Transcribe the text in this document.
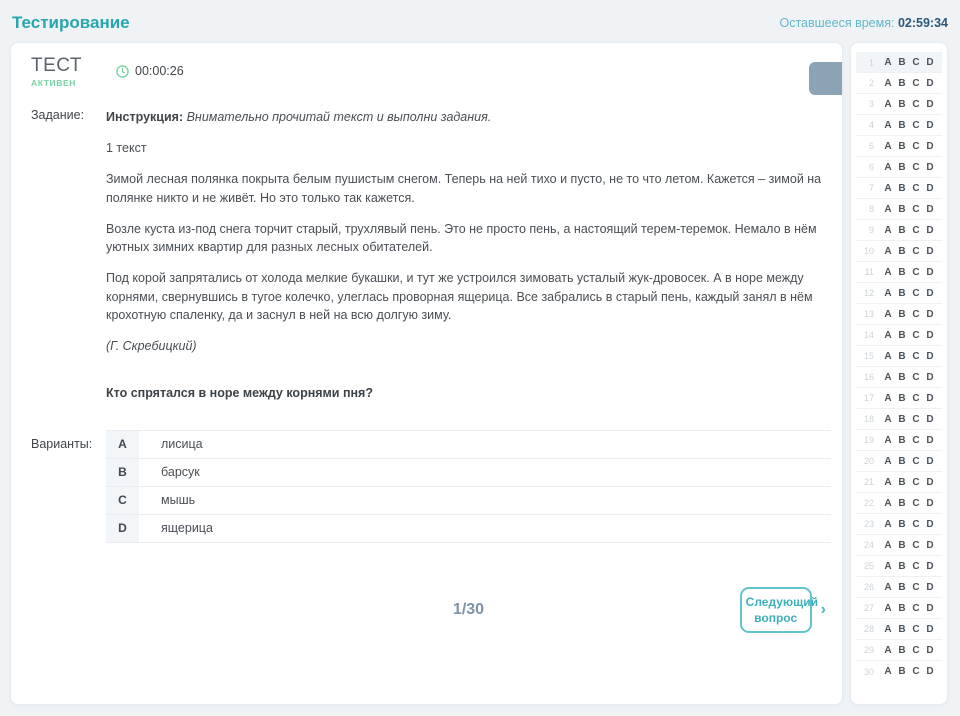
Тестирование	Оставшееся время: 02:59:34
ТЕСТ
АКТИВЕН
00:00:26
Задание:	Инструкция: Внимательно прочитай текст и выполни задания.

1 текст

Зимой лесная полянка покрыта белым пушистым снегом. Теперь на ней тихо и пусто, не то что летом. Кажется – зимой на полянке никто и не живёт. Но это только так кажется.

Возле куста из-под снега торчит старый, трухлявый пень. Это не просто пень, а настоящий терем-теремок. Немало в нём уютных зимних квартир для разных лесных обитателей.

Под корой запрятались от холода мелкие букашки, и тут же устроился зимовать усталый жук-дровосек. А в норе между корнями, свернувшись в тугое колечко, улеглась проворная ящерица. Все забрались в старый пень, каждый занял в нём крохотную спаленку, да и заснул в ней на всю долгую зиму.

(Г. Скребицкий)

Кто спрятался в норе между корнями пня?

Варианты:	A	лисица
B	барсук
C	мышь
D	ящерица
1/30	Следующий вопрос	›
1 A B C D
2 A B C D
3 A B C D
4 A B C D
5 A B C D
6 A B C D
7 A B C D
8 A B C D
9 A B C D
10 A B C D
11 A B C D
12 A B C D
13 A B C D
14 A B C D
15 A B C D
16 A B C D
17 A B C D
18 A B C D
19 A B C D
20 A B C D
21 A B C D
22 A B C D
23 A B C D
24 A B C D
25 A B C D
26 A B C D
27 A B C D
28 A B C D
29 A B C D
30 A B C D
